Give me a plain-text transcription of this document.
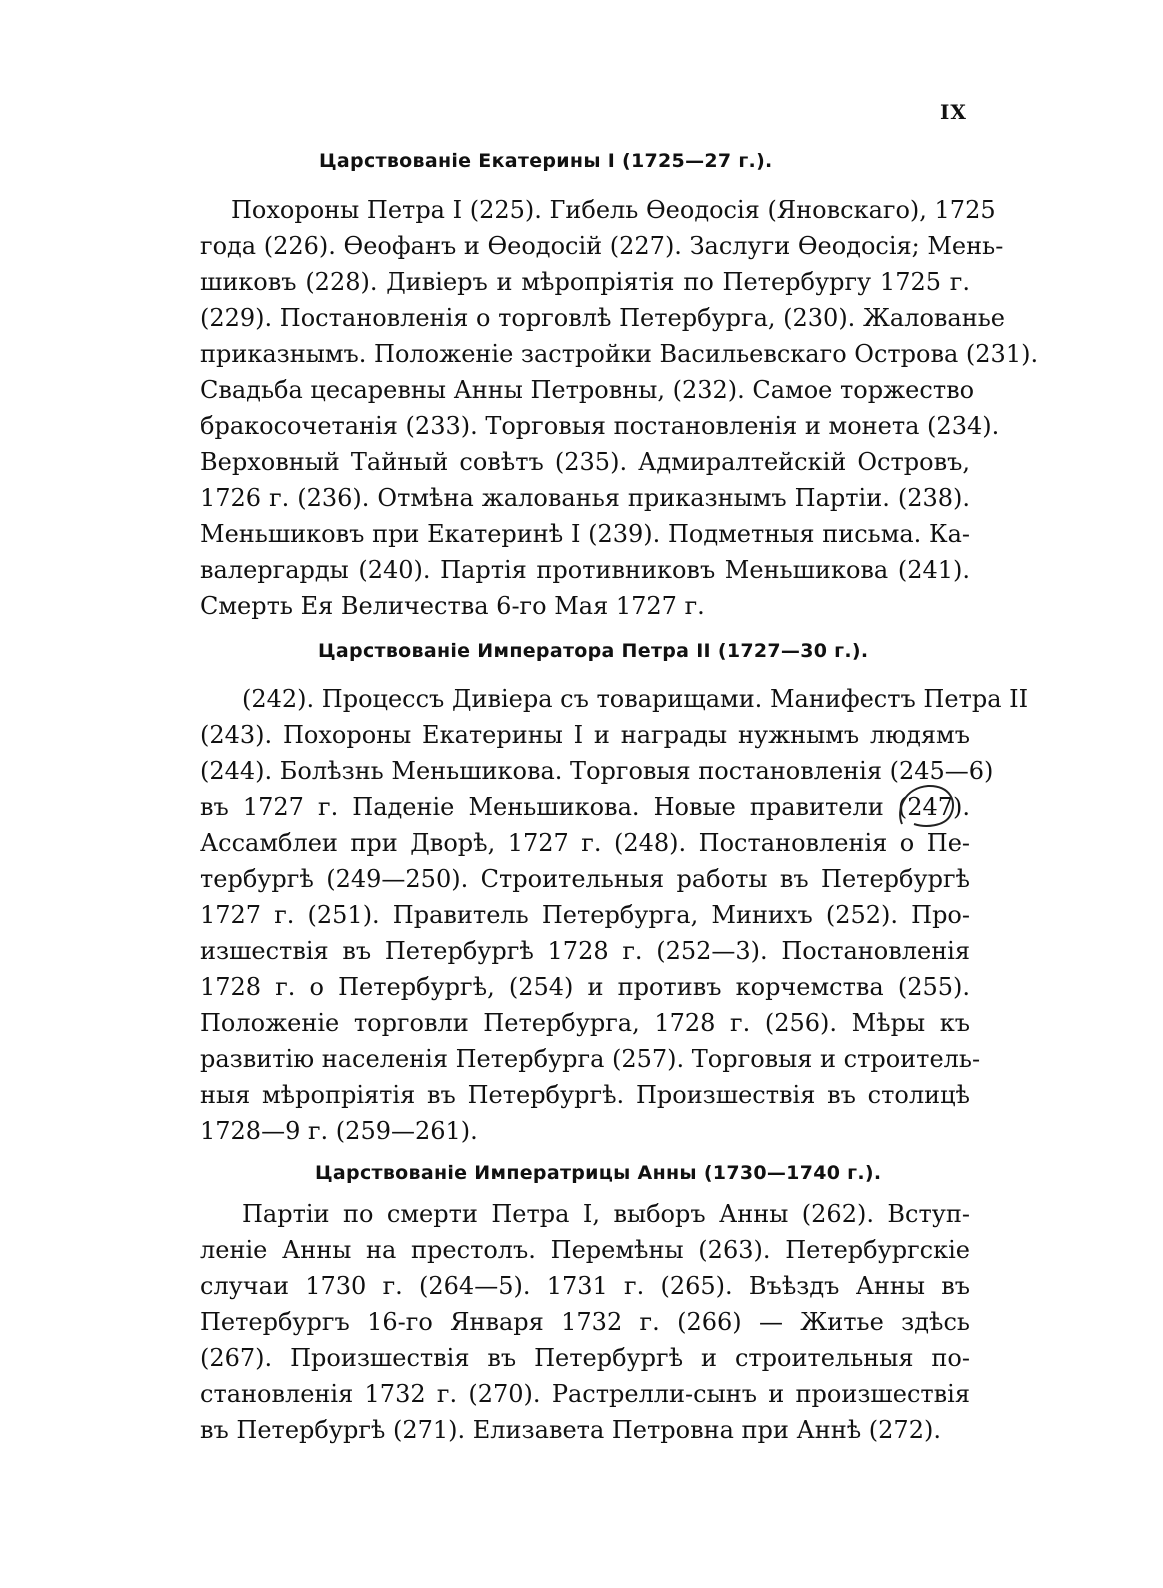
IX
Царствованіе Екатерины I (1725—27 г.).
Похороны Петра I (225). Гибель Ѳеодосія (Яновскаго), 1725
года (226). Ѳеофанъ и Ѳеодосій (227). Заслуги Ѳеодосія; Мень-
шиковъ (228). Дивіеръ и мѣропріятія по Петербургу 1725 г.
(229). Постановленія о торговлѣ Петербурга, (230). Жалованье
приказнымъ. Положеніе застройки Васильевскаго Острова (231).
Свадьба цесаревны Анны Петровны, (232). Самое торжество
бракосочетанія (233). Торговыя постановленія и монета (234).
Верховный Тайный совѣтъ (235). Адмиралтейскій Островъ,
1726 г. (236). Отмѣна жалованья приказнымъ Партіи. (238).
Меньшиковъ при Екатеринѣ I (239). Подметныя письма. Ка-
валергарды (240). Партія противниковъ Меньшикова (241).
Смерть Ея Величества 6-го Мая 1727 г.
Царствованіе Императора Петра II (1727—30 г.).
(242). Процессъ Дивіера съ товарищами. Манифестъ Петра II
(243). Похороны Екатерины I и награды нужнымъ людямъ
(244). Болѣзнь Меньшикова. Торговыя постановленія (245—6)
въ 1727 г. Паденіе Меньшикова. Новые правители (247).
Ассамблеи при Дворѣ, 1727 г. (248). Постановленія о Пе-
тербургѣ (249—250). Строительныя работы въ Петербургѣ
1727 г. (251). Правитель Петербурга, Минихъ (252). Про-
изшествія въ Петербургѣ 1728 г. (252—3). Постановленія
1728 г. о Петербургѣ, (254) и противъ корчемства (255).
Положеніе торговли Петербурга, 1728 г. (256). Мѣры къ
развитію населенія Петербурга (257). Торговыя и строитель-
ныя мѣропріятія въ Петербургѣ. Произшествія въ столицѣ
1728—9 г. (259—261).
Царствованіе Императрицы Анны (1730—1740 г.).
Партіи по смерти Петра I, выборъ Анны (262). Вступ-
леніе Анны на престолъ. Перемѣны (263). Петербургскіе
случаи 1730 г. (264—5). 1731 г. (265). Въѣздъ Анны въ
Петербургъ 16-го Января 1732 г. (266) — Житье здѣсь
(267). Произшествія въ Петербургѣ и строительныя по-
становленія 1732 г. (270). Растрелли-сынъ и произшествія
въ Петербургѣ (271). Елизавета Петровна при Аннѣ (272).
